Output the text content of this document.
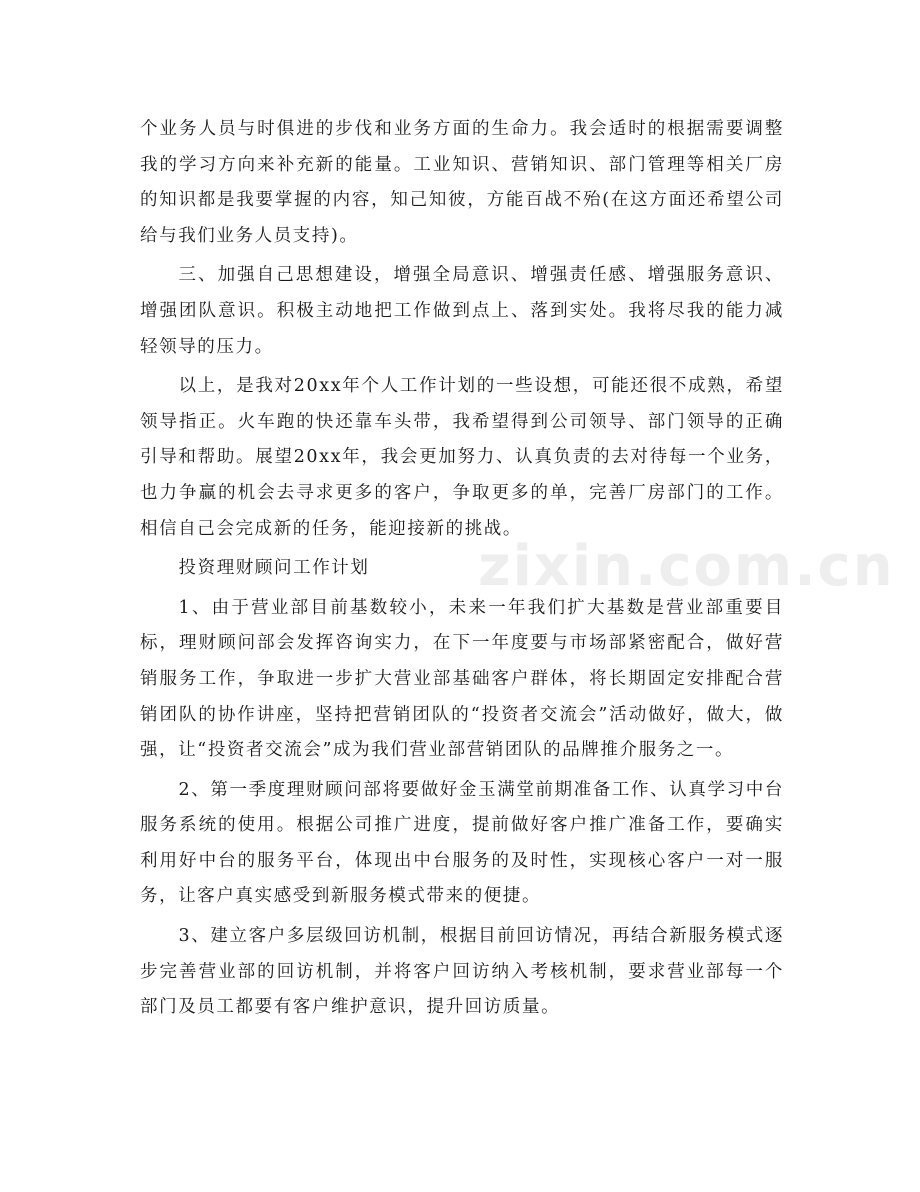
个业务人员与时俱进的步伐和业务方面的生命力。我会适时的根据需要调整我的学习方向来补充新的能量。工业知识、营销知识、部门管理等相关厂房的知识都是我要掌握的内容，知己知彼，方能百战不殆(在这方面还希望公司给与我们业务人员支持)。

三、加强自己思想建设，增强全局意识、增强责任感、增强服务意识、增强团队意识。积极主动地把工作做到点上、落到实处。我将尽我的能力减轻领导的压力。

以上，是我对20xx年个人工作计划的一些设想，可能还很不成熟，希望领导指正。火车跑的快还靠车头带，我希望得到公司领导、部门领导的正确引导和帮助。展望20xx年，我会更加努力、认真负责的去对待每一个业务，也力争赢的机会去寻求更多的客户，争取更多的单，完善厂房部门的工作。相信自己会完成新的任务，能迎接新的挑战。

投资理财顾问工作计划

1、由于营业部目前基数较小，未来一年我们扩大基数是营业部重要目标，理财顾问部会发挥咨询实力，在下一年度要与市场部紧密配合，做好营销服务工作，争取进一步扩大营业部基础客户群体，将长期固定安排配合营销团队的协作讲座，坚持把营销团队的“投资者交流会”活动做好，做大，做强，让“投资者交流会”成为我们营业部营销团队的品牌推介服务之一。

2、第一季度理财顾问部将要做好金玉满堂前期准备工作、认真学习中台服务系统的使用。根据公司推广进度，提前做好客户推广准备工作，要确实利用好中台的服务平台，体现出中台服务的及时性，实现核心客户一对一服务，让客户真实感受到新服务模式带来的便捷。

3、建立客户多层级回访机制，根据目前回访情况，再结合新服务模式逐步完善营业部的回访机制，并将客户回访纳入考核机制，要求营业部每一个部门及员工都要有客户维护意识，提升回访质量。

zixin.com.cn
